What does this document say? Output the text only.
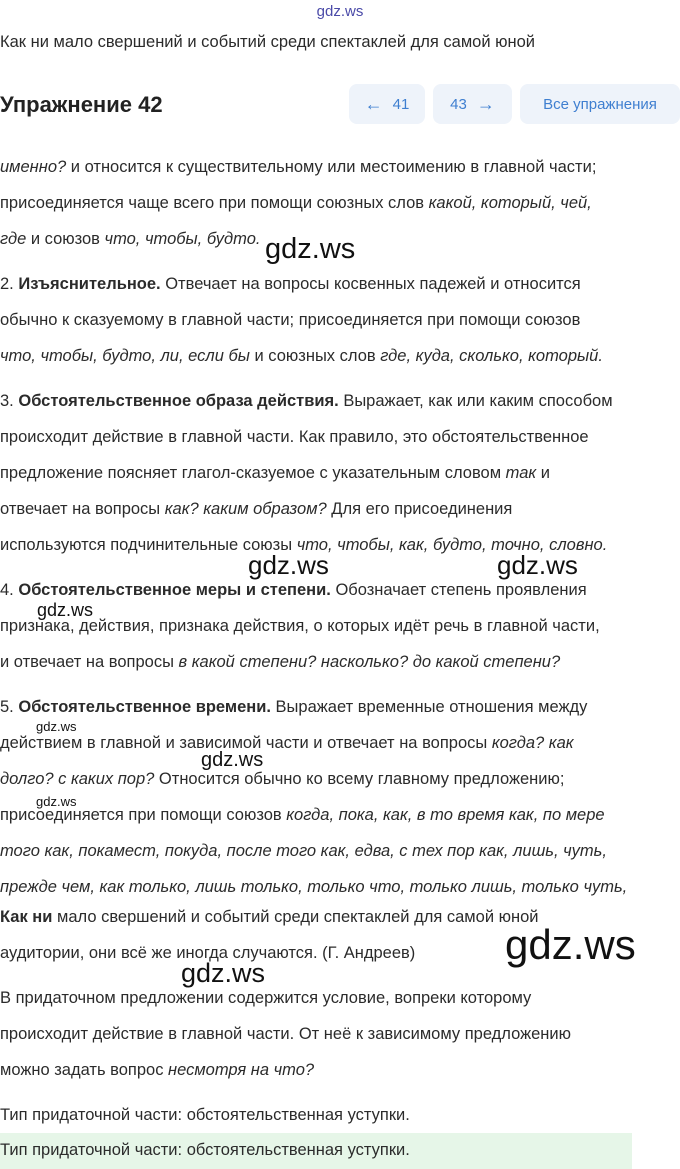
gdz.ws
Как ни мало свершений и событий среди спектаклей для самой юной
Упражнение 42	← 41	43 →	Все упражнения
именно? и относится к существительному или местоимению в главной части;
присоединяется чаще всего при помощи союзных слов какой, который, чей,
где и союзов что, чтобы, будто.
2. Изъяснительное. Отвечает на вопросы косвенных падежей и относится
обычно к сказуемому в главной части; присоединяется при помощи союзов
что, чтобы, будто, ли, если бы и союзных слов где, куда, сколько, который.
3. Обстоятельственное образа действия. Выражает, как или каким способом
происходит действие в главной части. Как правило, это обстоятельственное
предложение поясняет глагол-сказуемое с указательным словом так и
отвечает на вопросы как? каким образом? Для его присоединения
используются подчинительные союзы что, чтобы, как, будто, точно, словно.
4. Обстоятельственное меры и степени. Обозначает степень проявления
признака, действия, признака действия, о которых идёт речь в главной части,
и отвечает на вопросы в какой степени? насколько? до какой степени?
5. Обстоятельственное времени. Выражает временные отношения между
действием в главной и зависимой части и отвечает на вопросы когда? как
долго? с каких пор? Относится обычно ко всему главному предложению;
присоединяется при помощи союзов когда, пока, как, в то время как, по мере
того как, покамест, покуда, после того как, едва, с тех пор как, лишь, чуть,
прежде чем, как только, лишь только, только что, только лишь, только чуть,
Как ни мало свершений и событий среди спектаклей для самой юной
аудитории, они всё же иногда случаются. (Г. Андреев)
В придаточном предложении содержится условие, вопреки которому
происходит действие в главной части. От неё к зависимому предложению
можно задать вопрос несмотря на что?
Тип придаточной части: обстоятельственная уступки.
Тип придаточной части: обстоятельственная уступки.
gdz.ws
gdz.ws	gdz.ws
gdz.ws
gdz.ws
gdz.ws
gdz.ws
gdz.ws
gdz.ws
